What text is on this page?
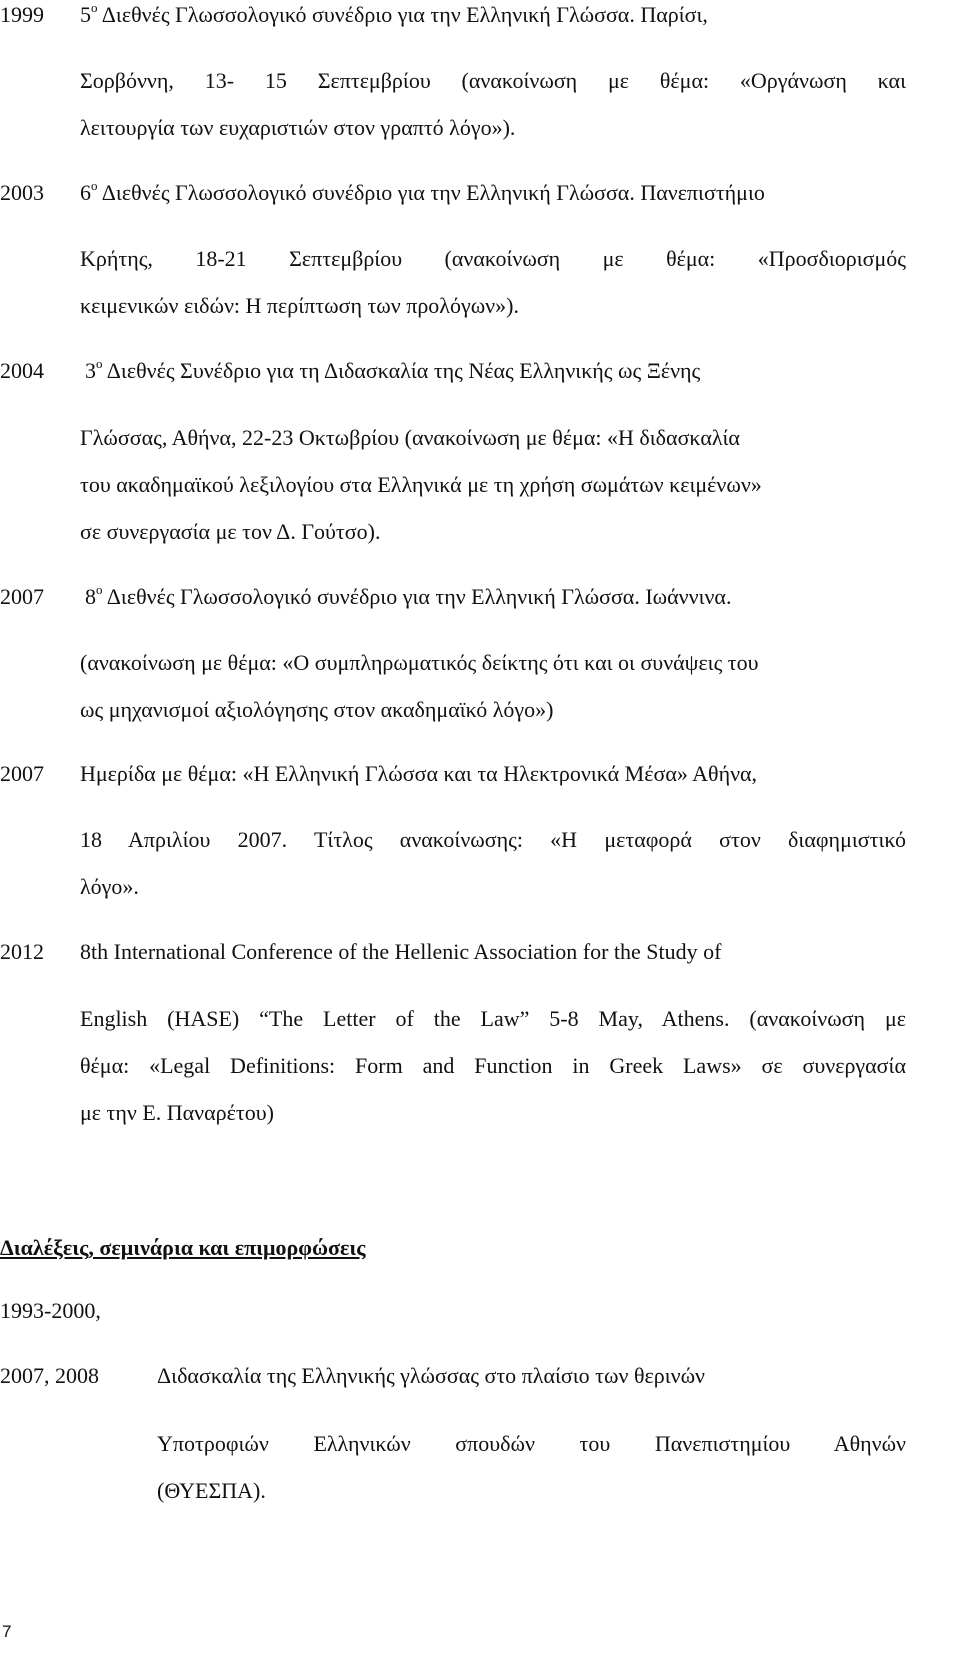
1999 $5^o$ Διεθνές Γλωσσολογικό συνέδριο για την Ελληνική Γλώσσα. Παρίσι,
Σορβόννη, 13- 15 Σεπτεμβρίου (ανακοίνωση με θέμα: «Οργάνωση και
λειτουργία των ευχαριστιών στον γραπτό λόγο»).
2003 $6^o$ Διεθνές Γλωσσολογικό συνέδριο για την Ελληνική Γλώσσα. Πανεπιστήμιο
Κρήτης, 18-21 Σεπτεμβρίου (ανακοίνωση με θέμα: «Προσδιορισμός
κειμενικών ειδών: Η περίπτωση των προλόγων»).
2004 $3^o$ Διεθνές Συνέδριο για τη Διδασκαλία της Νέας Ελληνικής ως Ξένης
Γλώσσας, Αθήνα, 22-23 Οκτωβρίου (ανακοίνωση με θέμα: «Η διδασκαλία
του ακαδημαϊκού λεξιλογίου στα Ελληνικά με τη χρήση σωμάτων κειμένων»
σε συνεργασία με τον Δ. Γούτσο).
2007 $8^o$ Διεθνές Γλωσσολογικό συνέδριο για την Ελληνική Γλώσσα. Ιωάννινα.
(ανακοίνωση με θέμα: «Ο συμπληρωματικός δείκτης ότι και οι συνάψεις του
ως μηχανισμοί αξιολόγησης στον ακαδημαϊκό λόγο»)
2007 Ημερίδα με θέμα: «Η Ελληνική Γλώσσα και τα Ηλεκτρονικά Μέσα» Αθήνα,
18 Απριλίου 2007. Τίτλος ανακοίνωσης: «Η μεταφορά στον διαφημιστικό
λόγο».
2012 8th International Conference of the Hellenic Association for the Study of
English (HASE) “The Letter of the Law” 5-8 May, Athens. (ανακοίνωση με
θέμα: «Legal Definitions: Form and Function in Greek Laws» σε συνεργασία
με την Ε. Παναρέτου)
Διαλέξεις, σεμινάρια και επιμορφώσεις
1993-2000,
2007, 2008	Διδασκαλία της Ελληνικής γλώσσας στο πλαίσιο των θερινών
Υποτροφιών Ελληνικών σπουδών του Πανεπιστημίου Αθηνών
(ΘΥΕΣΠΑ).
7
